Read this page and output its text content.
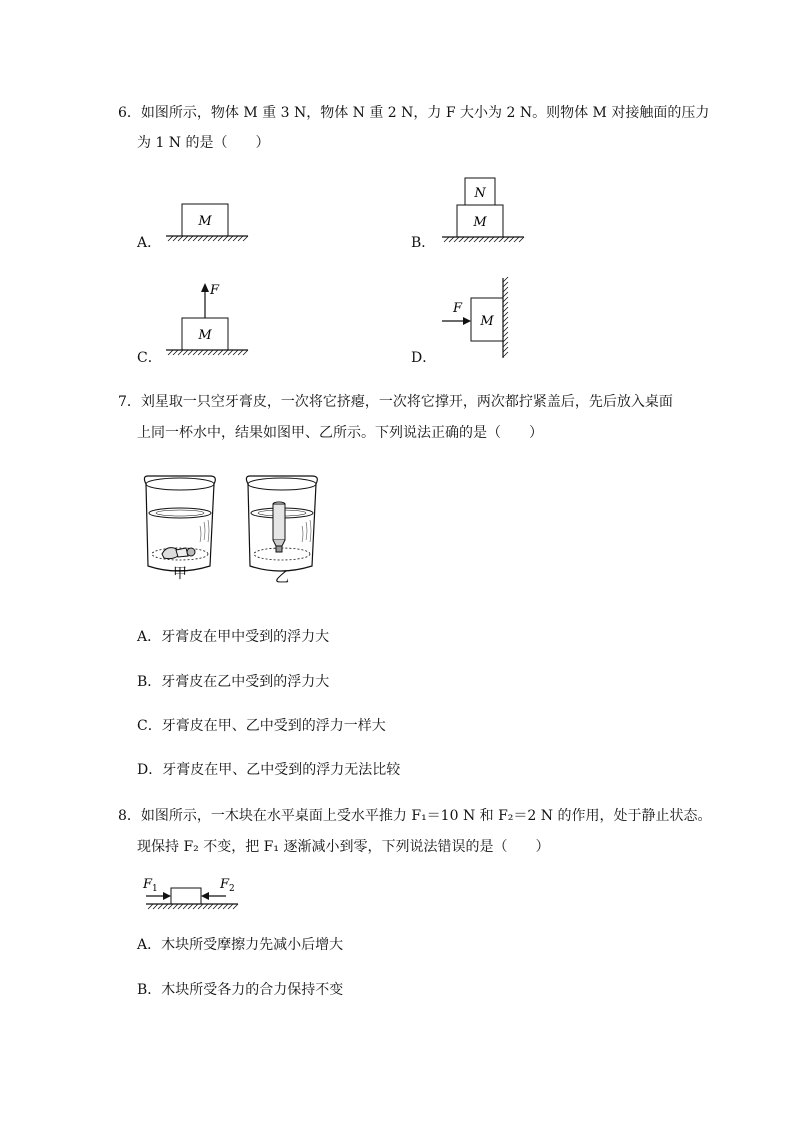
6．如图所示，物体 M 重 3 N，物体 N 重 2 N，力 F 大小为 2 N。则物体 M 对接触面的压力
为 1 N 的是（　　）
M
A．
N
M
B．
F
M
C．
F
M
D．
7．刘星取一只空牙膏皮，一次将它挤瘪，一次将它撑开，两次都拧紧盖后，先后放入桌面
上同一杯水中，结果如图甲、乙所示。下列说法正确的是（　　）
甲	乙
A．牙膏皮在甲中受到的浮力大
B．牙膏皮在乙中受到的浮力大
C．牙膏皮在甲、乙中受到的浮力一样大
D．牙膏皮在甲、乙中受到的浮力无法比较
8．如图所示，一木块在水平桌面上受水平推力 F₁＝10 N 和 F₂＝2 N 的作用，处于静止状态。
现保持 F₂ 不变，把 F₁ 逐渐减小到零，下列说法错误的是（　　）
F 1	F 2
A．木块所受摩擦力先减小后增大
B．木块所受各力的合力保持不变
